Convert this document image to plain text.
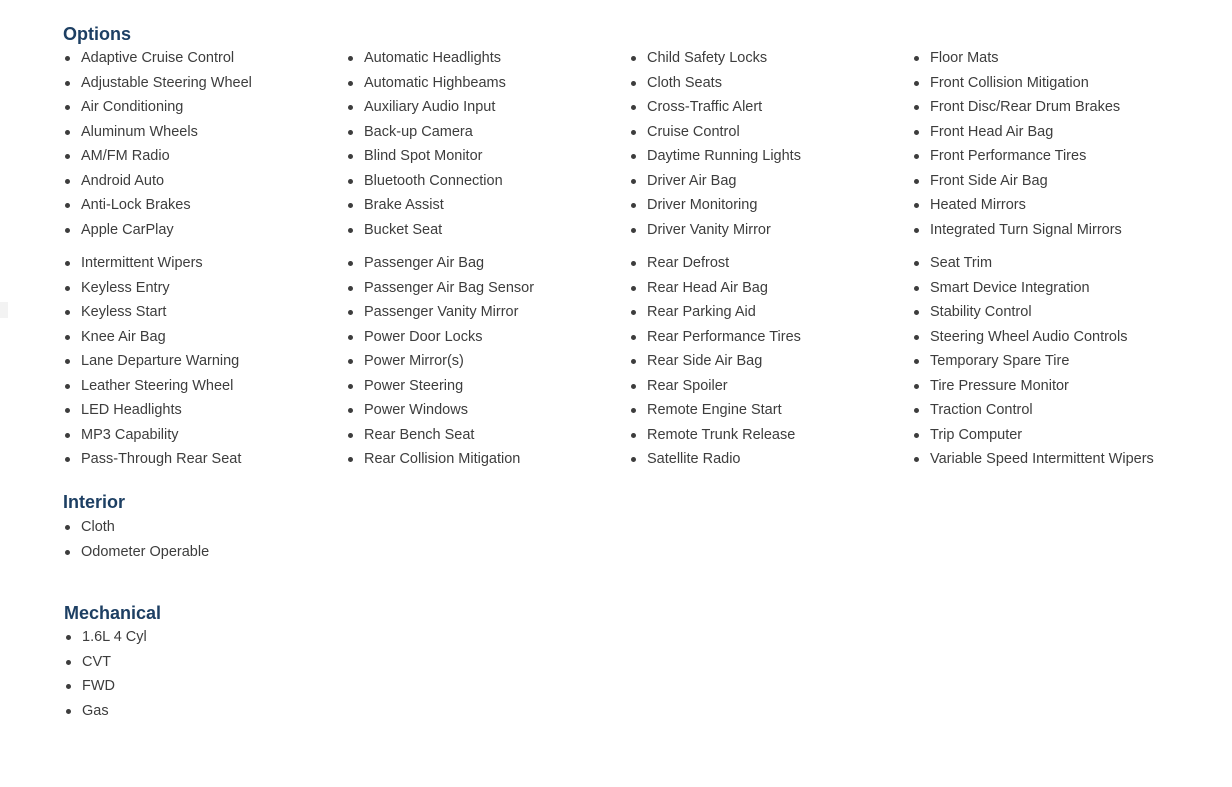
Options
Adaptive Cruise Control
Adjustable Steering Wheel
Air Conditioning
Aluminum Wheels
AM/FM Radio
Android Auto
Anti-Lock Brakes
Apple CarPlay
Automatic Headlights
Automatic Highbeams
Auxiliary Audio Input
Back-up Camera
Blind Spot Monitor
Bluetooth Connection
Brake Assist
Bucket Seat
Child Safety Locks
Cloth Seats
Cross-Traffic Alert
Cruise Control
Daytime Running Lights
Driver Air Bag
Driver Monitoring
Driver Vanity Mirror
Floor Mats
Front Collision Mitigation
Front Disc/Rear Drum Brakes
Front Head Air Bag
Front Performance Tires
Front Side Air Bag
Heated Mirrors
Integrated Turn Signal Mirrors
Intermittent Wipers
Keyless Entry
Keyless Start
Knee Air Bag
Lane Departure Warning
Leather Steering Wheel
LED Headlights
MP3 Capability
Pass-Through Rear Seat
Passenger Air Bag
Passenger Air Bag Sensor
Passenger Vanity Mirror
Power Door Locks
Power Mirror(s)
Power Steering
Power Windows
Rear Bench Seat
Rear Collision Mitigation
Rear Defrost
Rear Head Air Bag
Rear Parking Aid
Rear Performance Tires
Rear Side Air Bag
Rear Spoiler
Remote Engine Start
Remote Trunk Release
Satellite Radio
Seat Trim
Smart Device Integration
Stability Control
Steering Wheel Audio Controls
Temporary Spare Tire
Tire Pressure Monitor
Traction Control
Trip Computer
Variable Speed Intermittent Wipers
Interior
Cloth
Odometer Operable
Mechanical
1.6L 4 Cyl
CVT
FWD
Gas
